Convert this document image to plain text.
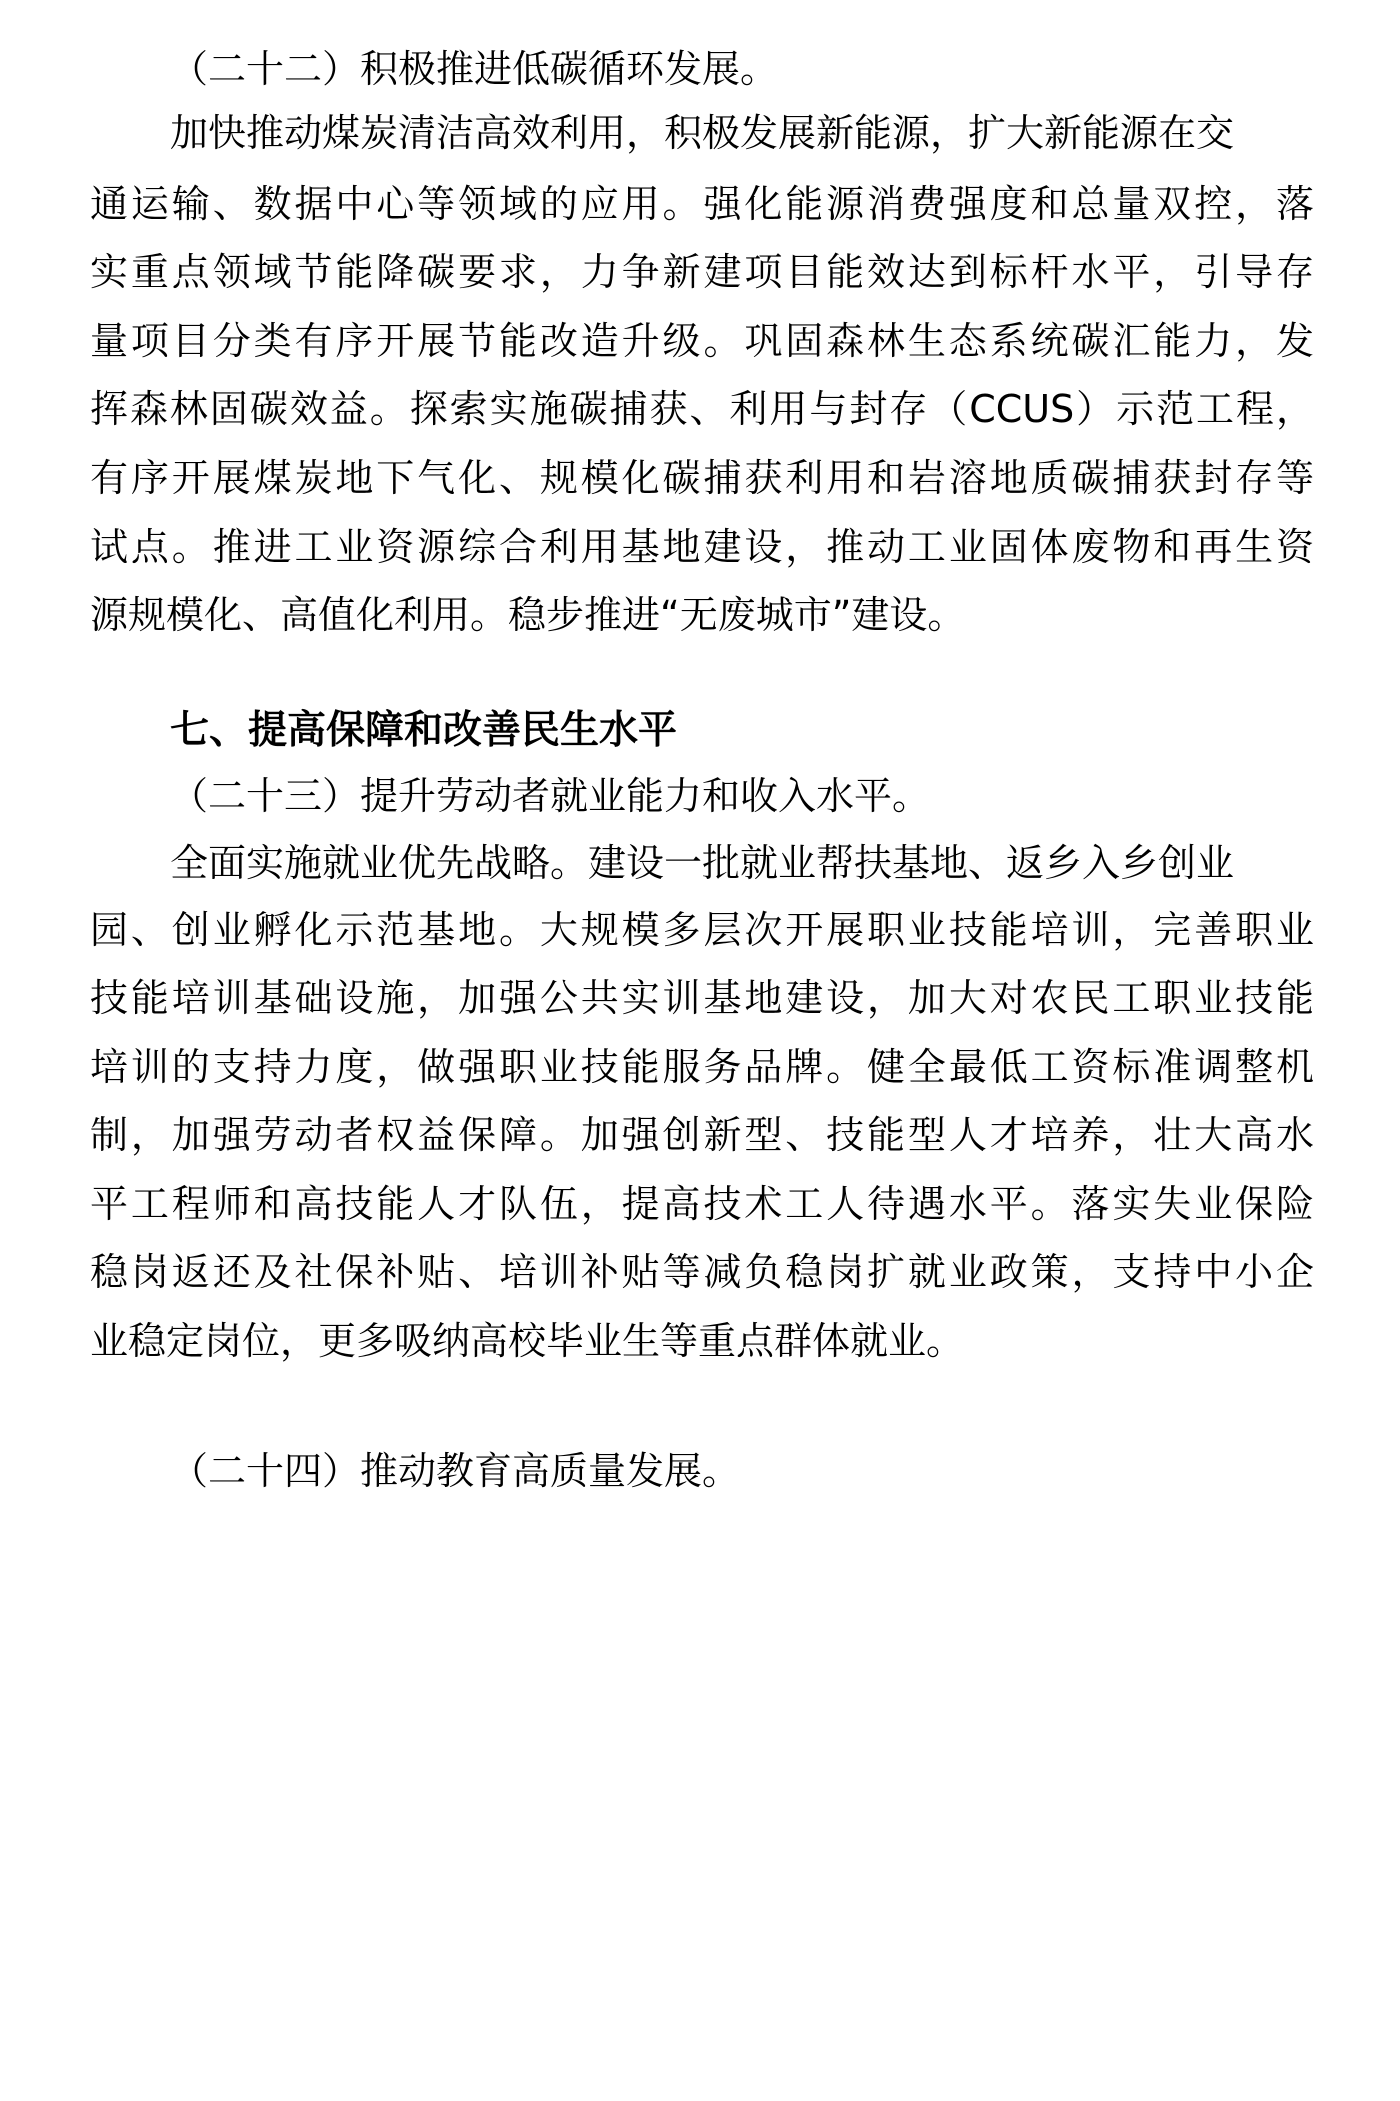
（二十二）积极推进低碳循环发展。
加快推动煤炭清洁高效利用，积极发展新能源，扩大新能源在交
通运输、数据中心等领域的应用。强化能源消费强度和总量双控，落
实重点领域节能降碳要求，力争新建项目能效达到标杆水平，引导存
量项目分类有序开展节能改造升级。巩固森林生态系统碳汇能力，发
挥森林固碳效益。探索实施碳捕获、利用与封存（CCUS）示范工程，
有序开展煤炭地下气化、规模化碳捕获利用和岩溶地质碳捕获封存等
试点。推进工业资源综合利用基地建设，推动工业固体废物和再生资
源规模化、高值化利用。稳步推进“无废城市”建设。
七、提高保障和改善民生水平
（二十三）提升劳动者就业能力和收入水平。
全面实施就业优先战略。建设一批就业帮扶基地、返乡入乡创业
园、创业孵化示范基地。大规模多层次开展职业技能培训，完善职业
技能培训基础设施，加强公共实训基地建设，加大对农民工职业技能
培训的支持力度，做强职业技能服务品牌。健全最低工资标准调整机
制，加强劳动者权益保障。加强创新型、技能型人才培养，壮大高水
平工程师和高技能人才队伍，提高技术工人待遇水平。落实失业保险
稳岗返还及社保补贴、培训补贴等减负稳岗扩就业政策，支持中小企
业稳定岗位，更多吸纳高校毕业生等重点群体就业。
（二十四）推动教育高质量发展。
